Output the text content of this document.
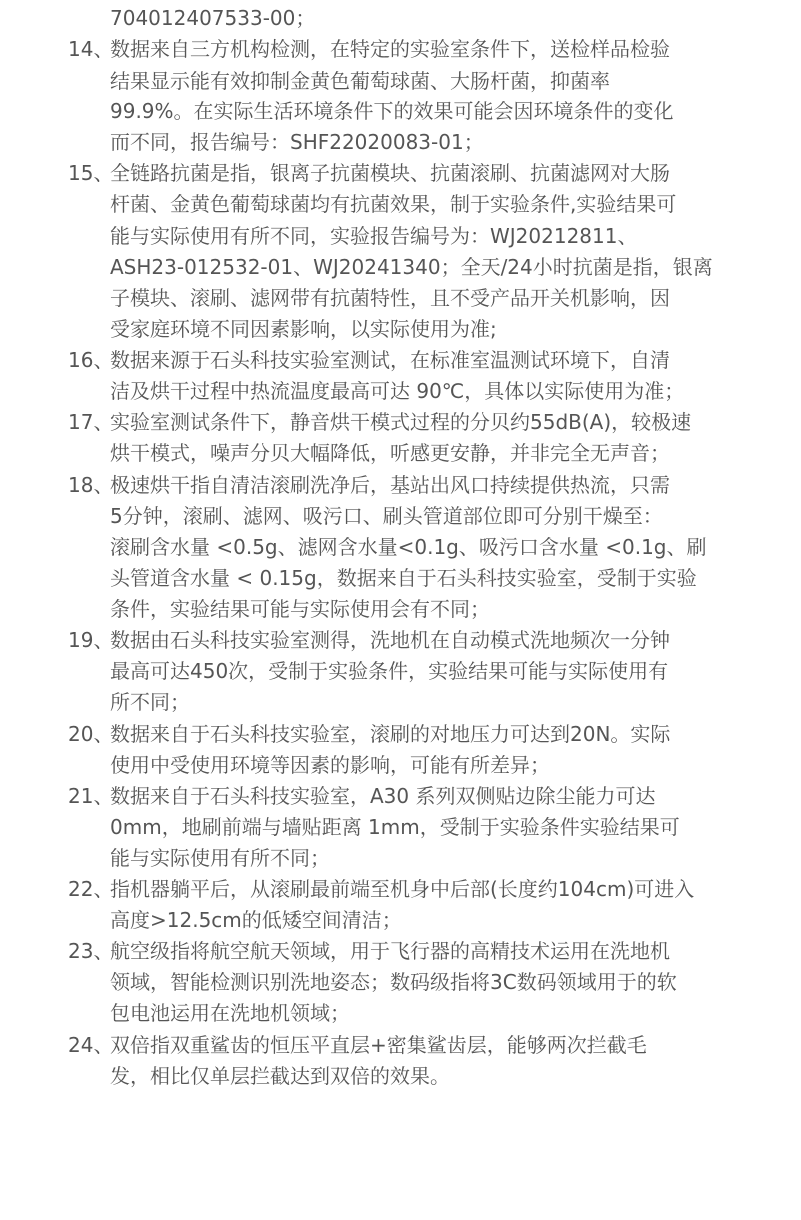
704012407533-00；
14、
数据来自三方机构检测，在特定的实验室条件下，送检样品检验
结果显示能有效抑制金黄色葡萄球菌、大肠杆菌，抑菌率
99.9%。在实际生活环境条件下的效果可能会因环境条件的变化
而不同，报告编号：SHF22020083-01；
15、
全链路抗菌是指，银离子抗菌模块、抗菌滚刷、抗菌滤网对大肠
杆菌、金黄色葡萄球菌均有抗菌效果，制于实验条件,实验结果可
能与实际使用有所不同，实验报告编号为：WJ20212811、
ASH23-012532-01、WJ20241340；全天/24小时抗菌是指，银离
子模块、滚刷、滤网带有抗菌特性，且不受产品开关机影响，因
受家庭环境不同因素影响，以实际使用为准;
16、
数据来源于石头科技实验室测试，在标准室温测试环境下，自清
洁及烘干过程中热流温度最高可达 90℃，具体以实际使用为准；
17、
实验室测试条件下，静音烘干模式过程的分贝约55dB(A)，较极速
烘干模式，噪声分贝大幅降低，听感更安静，并非完全无声音；
18、
极速烘干指自清洁滚刷洗净后，基站出风口持续提供热流，只需
5分钟，滚刷、滤网、吸污口、刷头管道部位即可分别干燥至：
滚刷含水量 <0.5g、滤网含水量<0.1g、吸污口含水量 <0.1g、刷
头管道含水量 < 0.15g，数据来自于石头科技实验室，受制于实验
条件，实验结果可能与实际使用会有不同；
19、
数据由石头科技实验室测得，洗地机在自动模式洗地频次一分钟
最高可达450次，受制于实验条件，实验结果可能与实际使用有
所不同；
20、
数据来自于石头科技实验室，滚刷的对地压力可达到20N。实际
使用中受使用环境等因素的影响，可能有所差异；
21、
数据来自于石头科技实验室，A30 系列双侧贴边除尘能力可达
0mm，地刷前端与墙贴距离 1mm，受制于实验条件实验结果可
能与实际使用有所不同；
22、
指机器躺平后，从滚刷最前端至机身中后部(长度约104cm)可进入
高度>12.5cm的低矮空间清洁；
23、
航空级指将航空航天领域，用于飞行器的高精技术运用在洗地机
领域，智能检测识别洗地姿态；数码级指将3C数码领域用于的软
包电池运用在洗地机领域；
24、
双倍指双重鲨齿的恒压平直层+密集鲨齿层，能够两次拦截毛
发，相比仅单层拦截达到双倍的效果。
